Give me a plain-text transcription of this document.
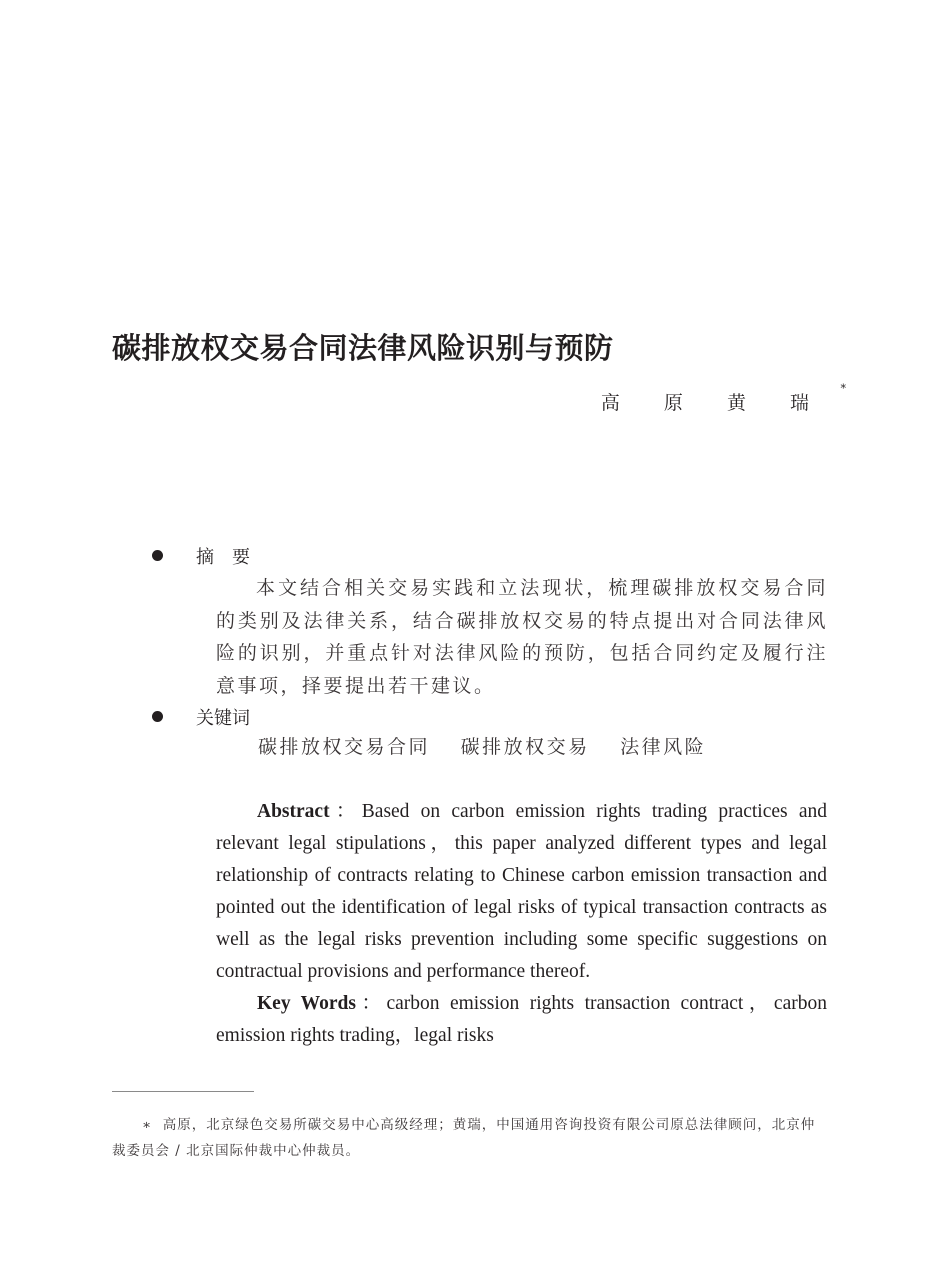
碳排放权交易合同法律风险识别与预防
高 原 黄 瑞
*
摘　要

本文结合相关交易实践和立法现状，梳理碳排放权交易合同的类别及法律关系，结合碳排放权交易的特点提出对合同法律风险的识别，并重点针对法律风险的预防，包括合同约定及履行注意事项，择要提出若干建议。

关键词
碳排放权交易合同 碳排放权交易 法律风险

Abstract：Based on carbon emission rights trading practices and relevant legal stipulations，this paper analyzed different types and legal relationship of contracts relating to Chinese carbon emission transaction and pointed out the identification of legal risks of typical transaction contracts as well as the legal risks prevention including some specific suggestions on contractual provisions and performance thereof.

Key Words：carbon emission rights transaction contract，carbon emission rights trading，legal risks

∗ 高原，北京绿色交易所碳交易中心高级经理；黄瑞，中国通用咨询投资有限公司原总法律顾问，北京仲裁委员会 / 北京国际仲裁中心仲裁员。
